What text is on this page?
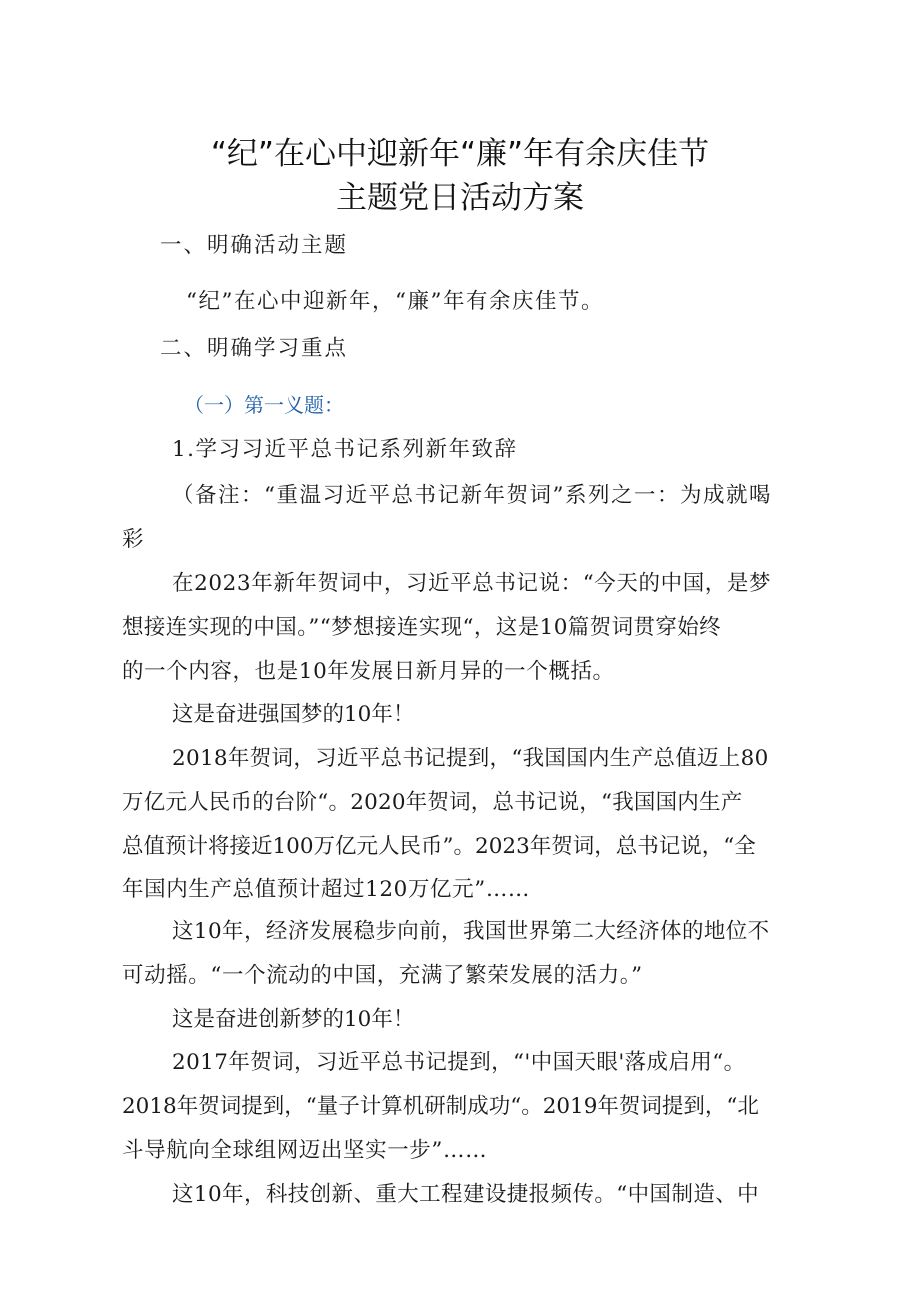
“纪”在心中迎新年“廉”年有余庆佳节
主题党日活动方案
一、明确活动主题
“纪”在心中迎新年，“廉”年有余庆佳节。
二、明确学习重点
（一）第一义题：
1.学习习近平总书记系列新年致辞
（备注：“重温习近平总书记新年贺词”系列之一：为成就喝
彩
在2023年新年贺词中，习近平总书记说：“今天的中国，是梦
想接连实现的中国。”“梦想接连实现“，这是10篇贺词贯穿始终
的一个内容，也是10年发展日新月异的一个概括。
这是奋进强国梦的10年！
2018年贺词，习近平总书记提到，“我国国内生产总值迈上80
万亿元人民币的台阶“。2020年贺词，总书记说，“我国国内生产
总值预计将接近100万亿元人民币”。2023年贺词，总书记说，“全
年国内生产总值预计超过120万亿元”……
这10年，经济发展稳步向前，我国世界第二大经济体的地位不
可动摇。“一个流动的中国，充满了繁荣发展的活力。”
这是奋进创新梦的10年！
2017年贺词，习近平总书记提到，“'中国天眼'落成启用“。
2018年贺词提到，“量子计算机研制成功“。2019年贺词提到，“北
斗导航向全球组网迈出坚实一步”……
这10年，科技创新、重大工程建设捷报频传。“中国制造、中
